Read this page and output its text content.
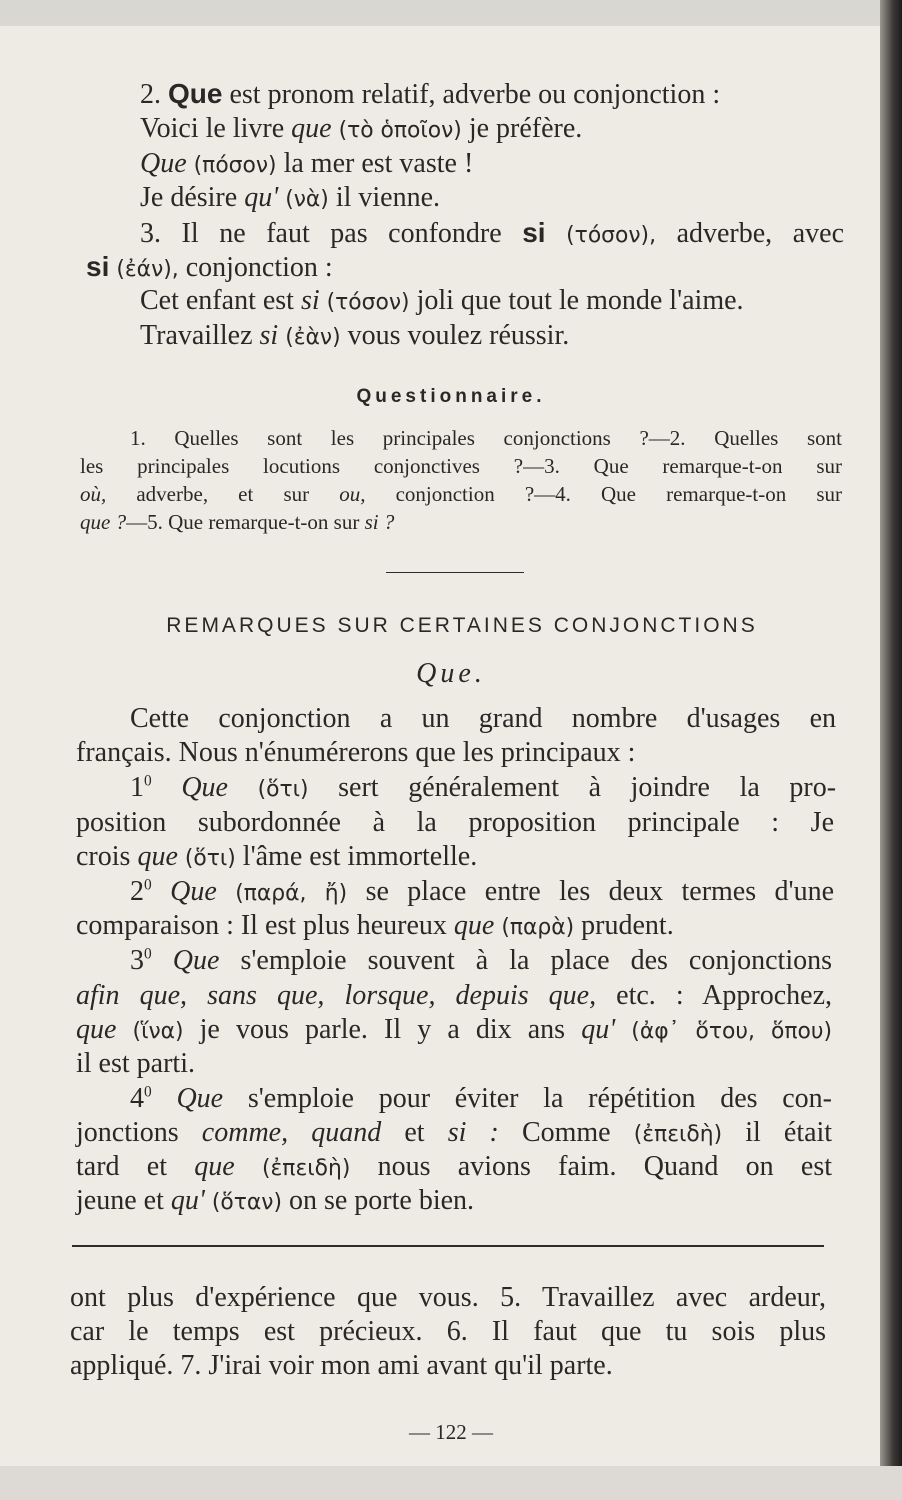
2. Que est pronom relatif, adverbe ou conjonction :
Voici le livre que (τὸ ὁποῖον) je préfère.
Que (πόσον) la mer est vaste !
Je désire qu' (νὰ) il vienne.
3. Il ne faut pas confondre si (τόσον), adverbe, avec
si (ἐάν), conjonction :
Cet enfant est si (τόσον) joli que tout le monde l'aime.
Travaillez si (ἐὰν) vous voulez réussir.
Questionnaire.
1. Quelles sont les principales conjonctions ?—2. Quelles sont
les principales locutions conjonctives ?—3. Que remarque-t-on sur
où, adverbe, et sur ou, conjonction ?—4. Que remarque-t-on sur
que ?—5. Que remarque-t-on sur si ?
REMARQUES SUR CERTAINES CONJONCTIONS
Que.
Cette conjonction a un grand nombre d'usages en
français. Nous n'énumérerons que les principaux :
$1^0$ Que (ὅτι) sert généralement à joindre la pro-
position subordonnée à la proposition principale : Je
crois que (ὅτι) l'âme est immortelle.
$2^0$ Que (παρά, ἤ) se place entre les deux termes d'une
comparaison : Il est plus heureux que (παρὰ) prudent.
$3^0$ Que s'emploie souvent à la place des conjonctions
afin que, sans que, lorsque, depuis que, etc. : Approchez,
que (ἵνα) je vous parle. Il y a dix ans qu' (ἀφ᾽ ὅτου, ὅπου)
il est parti.
$4^0$ Que s'emploie pour éviter la répétition des con-
jonctions comme, quand et si : Comme (ἐπειδὴ) il était
tard et que (ἐπειδὴ) nous avions faim. Quand on est
jeune et qu' (ὅταν) on se porte bien.
ont plus d'expérience que vous. 5. Travaillez avec ardeur,
car le temps est précieux. 6. Il faut que tu sois plus
appliqué. 7. J'irai voir mon ami avant qu'il parte.
— 122 —
